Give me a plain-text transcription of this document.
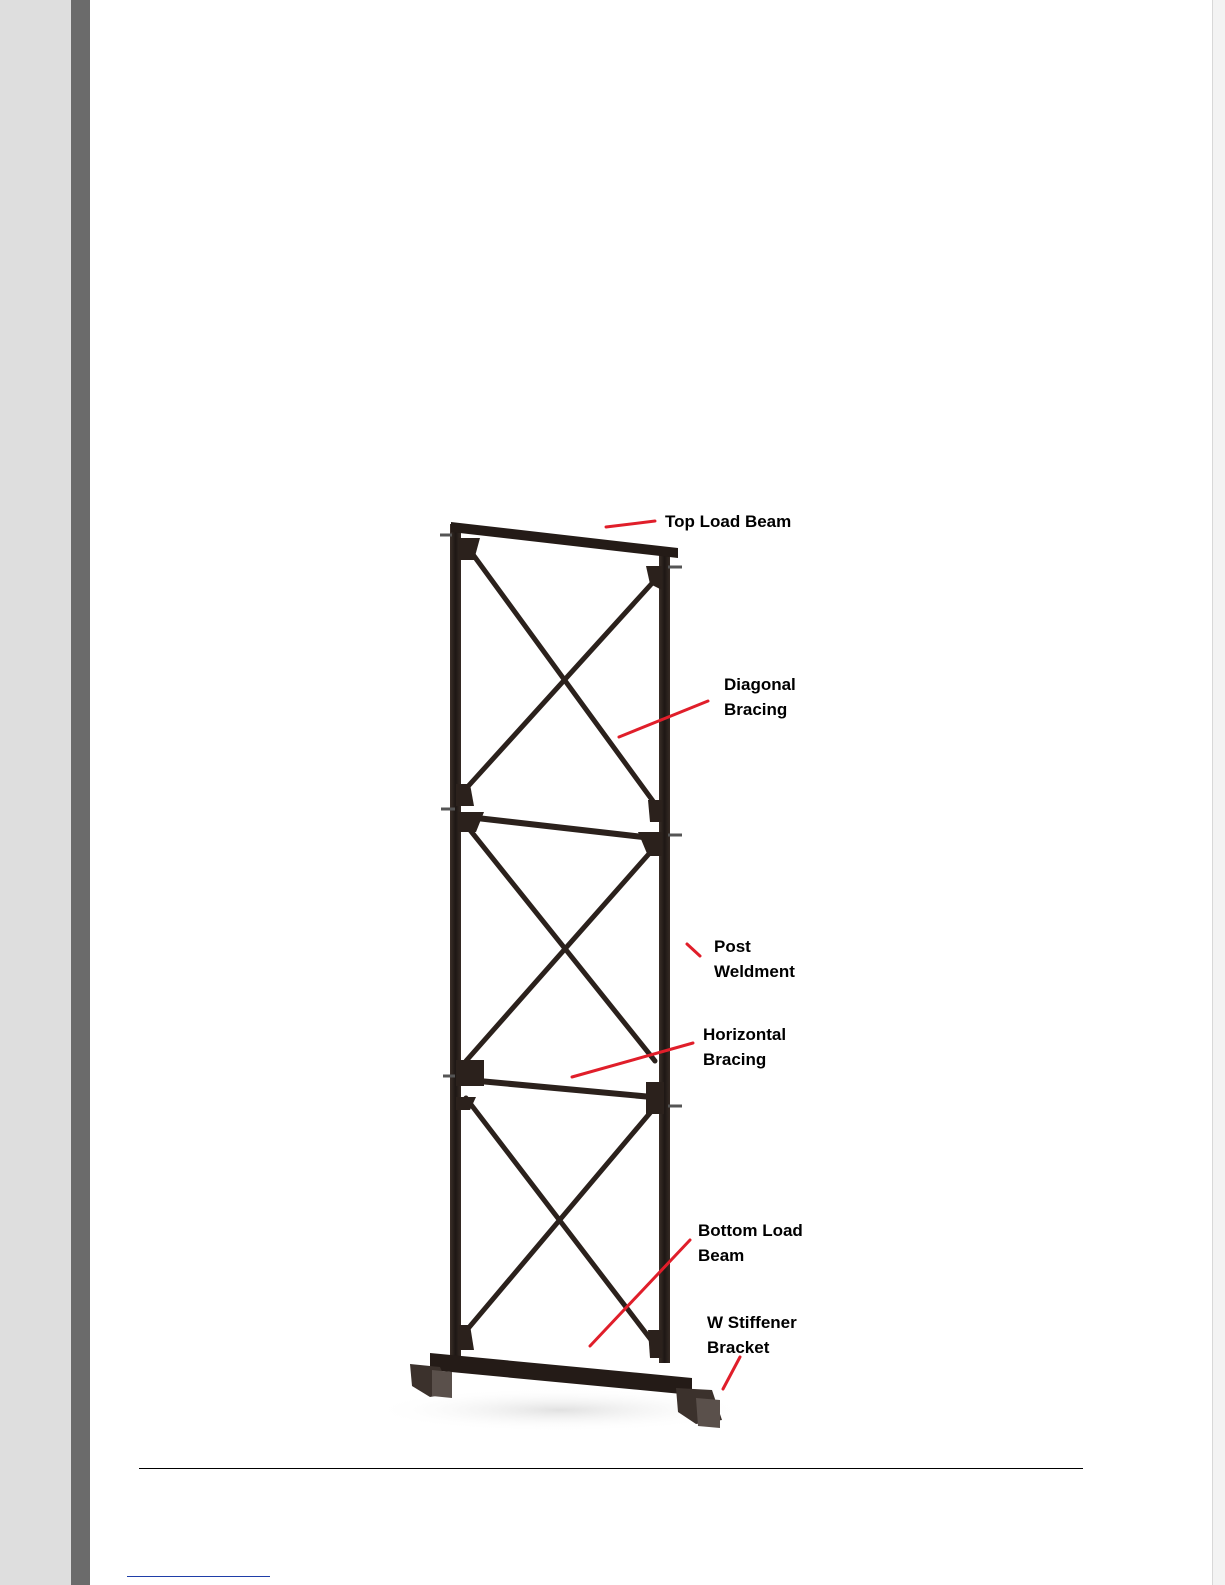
Top Load Beam
Diagonal
Bracing
Post
Weldment
Horizontal
Bracing
Bottom Load
Beam
W Stiffener
Bracket
